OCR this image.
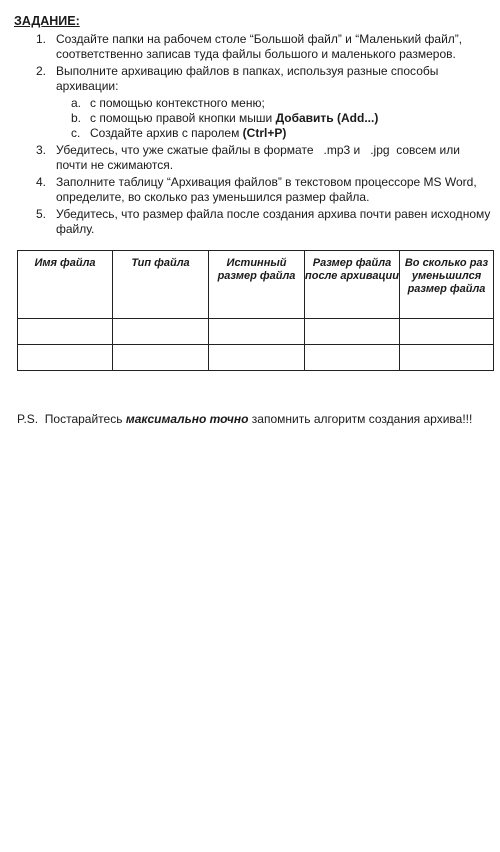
ЗАДАНИЕ:
1. Создайте папки на рабочем столе “Большой файл” и “Маленький файл”, соответственно записав туда файлы большого и маленького размеров.
2. Выполните архивацию файлов в папках, используя разные способы архивации:
a. с помощью контекстного меню;
b. с помощью правой кнопки мыши Добавить (Add...)
c. Создайте архив с паролем (Ctrl+P)
3. Убедитесь, что уже сжатые файлы в формате   .mp3 и   .jpg  совсем или почти не сжимаются.
4. Заполните таблицу “Архивация файлов” в текстовом процессоре MS Word, определите, во сколько раз уменьшился размер файла.
5. Убедитесь, что размер файла после создания архива почти равен исходному файлу.
Имя файла	Тип файла	Истинный размер файла	Размер файла после архивации	Во сколько раз уменьшился размер файла

P.S.  Постарайтесь максимально точно запомнить алгоритм создания архива!!!
